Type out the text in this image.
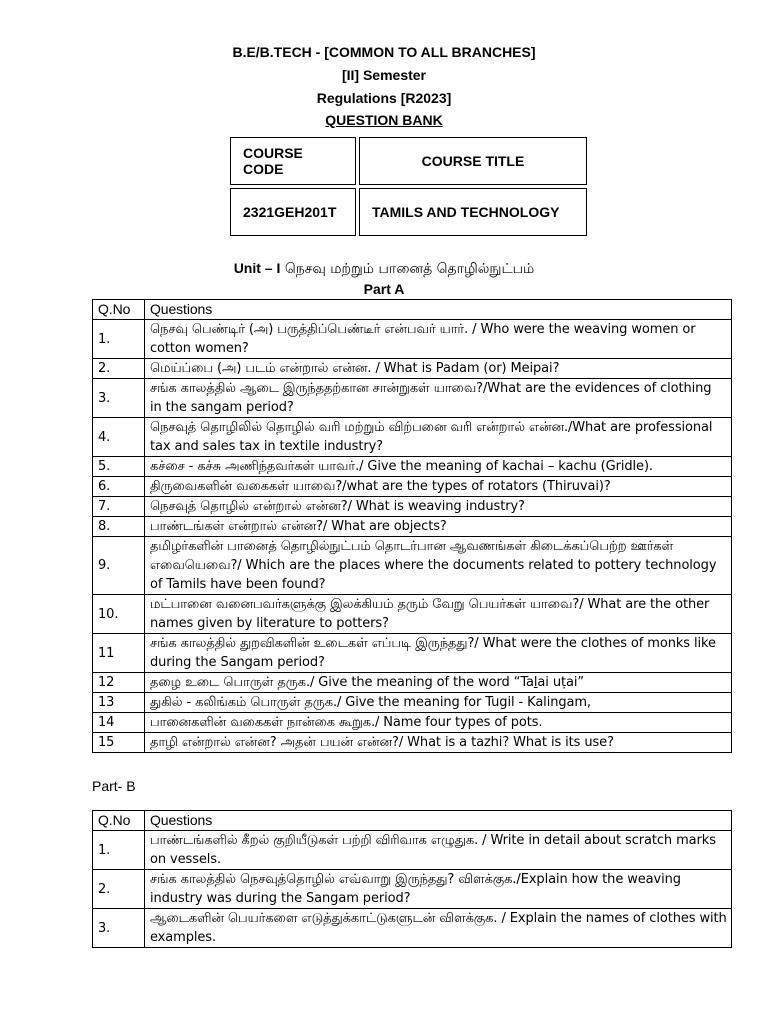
B.E/B.TECH - [COMMON TO ALL BRANCHES]
[II] Semester
Regulations [R2023]
QUESTION BANK
COURSE CODE	COURSE TITLE
2321GEH201T	TAMILS AND TECHNOLOGY
Unit – I நெசவு மற்றும் பானைத் தொழில்நுட்பம்
Part A
Q.No	Questions
1.	நெசவு பெண்டிர் (அ) பருத்திப்பெண்டீர் என்பவர் யார். / Who were the weaving women or cotton women?
2.	மெய்ப்பை (அ) படம் என்றால் என்ன. / What is Padam (or) Meipai?
3.	சங்க காலத்தில் ஆடை இருந்ததற்கான சான்றுகள் யாவை?/What are the evidences of clothing in the sangam period?
4.	நெசவுத் தொழிலில் தொழில் வரி மற்றும் விற்பனை வரி என்றால் என்ன./What are professional tax and sales tax in textile industry?
5.	கச்சை - கச்சு அணிந்தவர்கள் யாவர்./ Give the meaning of kachai – kachu (Gridle).
6.	திருவைகளின் வகைகள் யாவை?/what are the types of rotators (Thiruvai)?
7.	நெசவுத் தொழில் என்றால் என்ன?/ What is weaving industry?
8.	பாண்டங்கள் என்றால் என்ன?/ What are objects?
9.	தமிழர்களின் பானைத் தொழில்நுட்பம் தொடர்பான ஆவணங்கள் கிடைக்கப்பெற்ற ஊர்கள் எவையெவை?/ Which are the places where the documents related to pottery technology of Tamils have been found?
10.	மட்பானை வனைபவர்களுக்கு இலக்கியம் தரும் வேறு பெயர்கள் யாவை?/ What are the other names given by literature to potters?
11	சங்க காலத்தில் துறவிகளின் உடைகள் எப்படி இருந்தது?/ What were the clothes of monks like during the Sangam period?
12	தழை உடை பொருள் தருக./ Give the meaning of the word “Taḻai uṭai”
13	துகில் - கலிங்கம் பொருள் தருக./ Give the meaning for Tugil - Kalingam,
14	பானைகளின் வகைகள் நான்கை கூறுக./ Name four types of pots.
15	தாழி என்றால் என்ன? அதன் பயன் என்ன?/ What is a tazhi? What is its use?
Part- B
Q.No	Questions
1.	பாண்டங்களில் கீறல் குறியீடுகள் பற்றி விரிவாக எழுதுக. / Write in detail about scratch marks on vessels.
2.	சங்க காலத்தில் நெசவுத்தொழில் எவ்வாறு இருந்தது? விளக்குக./Explain how the weaving industry was during the Sangam period?
3.	ஆடைகளின் பெயர்களை எடுத்துக்காட்டுகளுடன் விளக்குக. / Explain the names of clothes with examples.
